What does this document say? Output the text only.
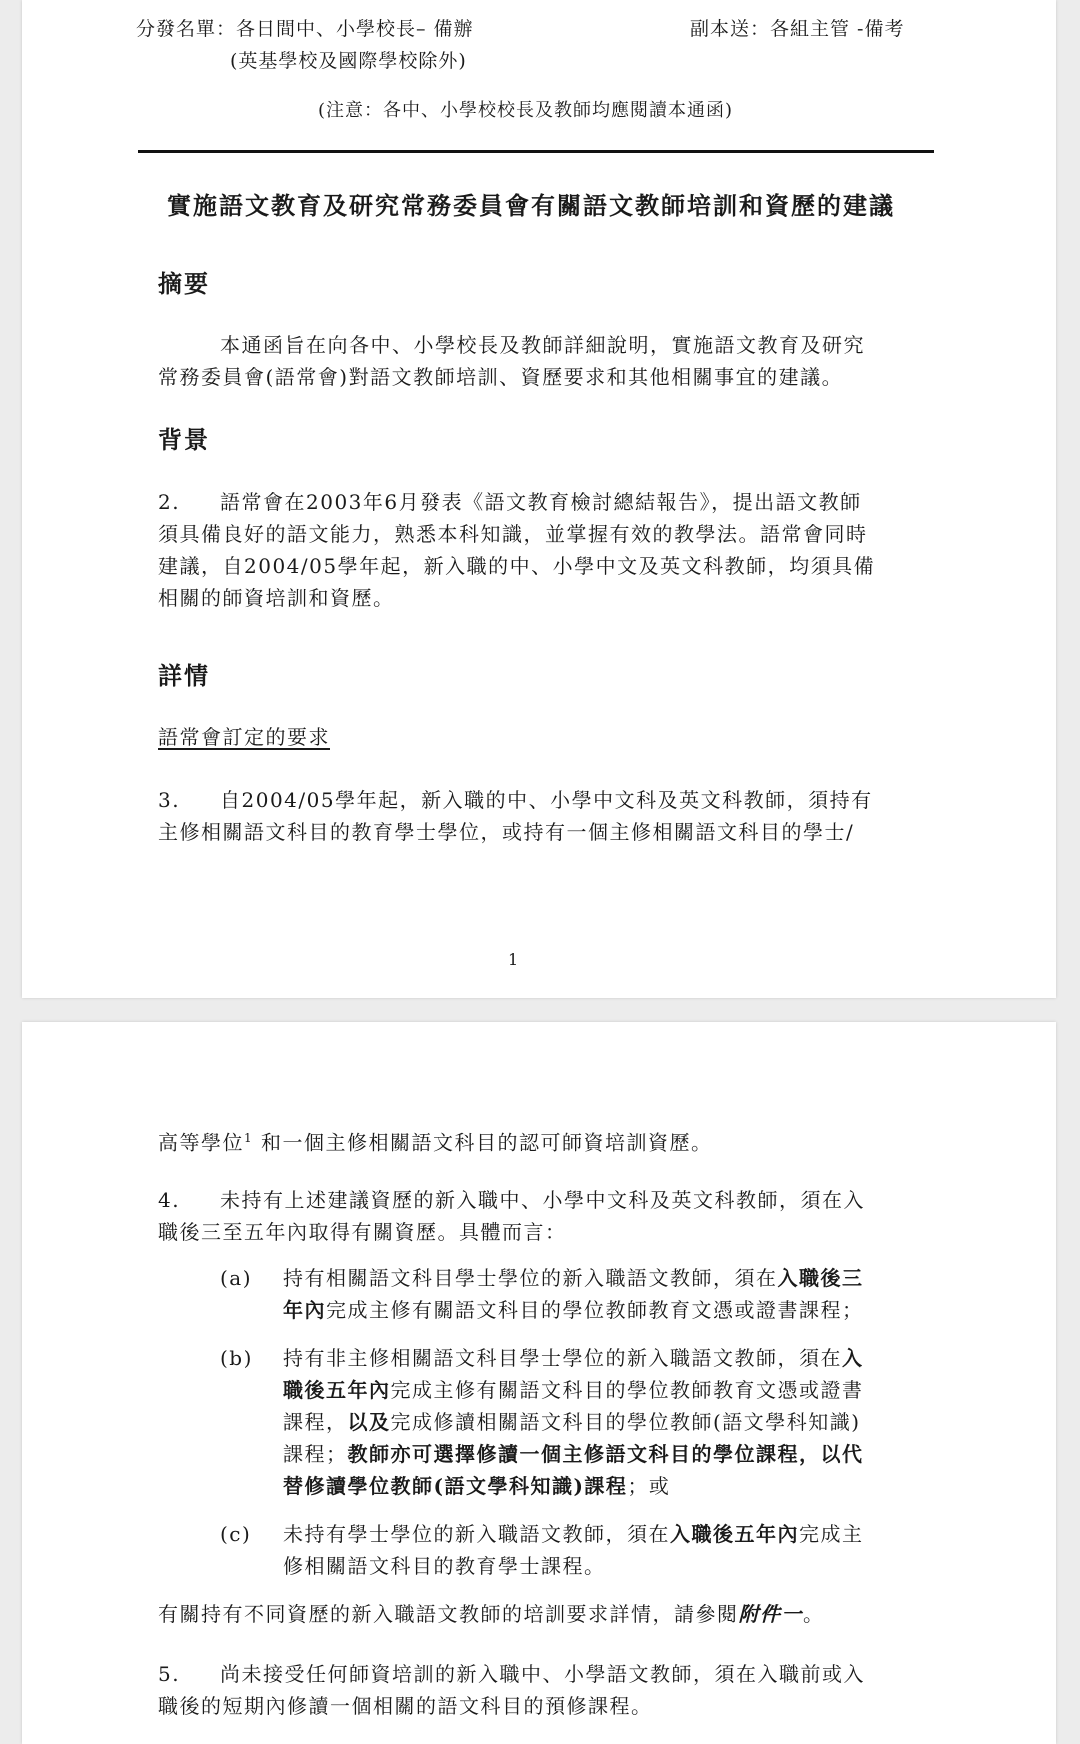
分發名單：各日間中、小學校長– 備辦
(英基學校及國際學校除外)
副本送：各組主管 -備考
(注意：各中、小學校校長及教師均應閱讀本通函)
實施語文教育及研究常務委員會有關語文教師培訓和資歷的建議
摘要
本通函旨在向各中、小學校長及教師詳細說明，實施語文教育及研究
常務委員會(語常會)對語文教師培訓、資歷要求和其他相關事宜的建議。
背景
2. 語常會在2003年6月發表《語文教育檢討總結報告》，提出語文教師
須具備良好的語文能力，熟悉本科知識，並掌握有效的教學法。語常會同時
建議，自2004/05學年起，新入職的中、小學中文及英文科教師，均須具備
相關的師資培訓和資歷。
詳情
語常會訂定的要求
3. 自2004/05學年起，新入職的中、小學中文科及英文科教師，須持有
主修相關語文科目的教育學士學位，或持有一個主修相關語文科目的學士/
1
高等學位$^1$ 和一個主修相關語文科目的認可師資培訓資歷。
4. 未持有上述建議資歷的新入職中、小學中文科及英文科教師，須在入
職後三至五年內取得有關資歷。具體而言：
(a) 持有相關語文科目學士學位的新入職語文教師，須在入職後三
年內完成主修有關語文科目的學位教師教育文憑或證書課程；
(b) 持有非主修相關語文科目學士學位的新入職語文教師，須在入
職後五年內完成主修有關語文科目的學位教師教育文憑或證書
課程，以及完成修讀相關語文科目的學位教師(語文學科知識)
課程；教師亦可選擇修讀一個主修語文科目的學位課程，以代
替修讀學位教師(語文學科知識)課程；或
(c) 未持有學士學位的新入職語文教師，須在入職後五年內完成主
修相關語文科目的教育學士課程。
有關持有不同資歷的新入職語文教師的培訓要求詳情，請參閱附件一。
5. 尚未接受任何師資培訓的新入職中、小學語文教師，須在入職前或入
職後的短期內修讀一個相關的語文科目的預修課程。
